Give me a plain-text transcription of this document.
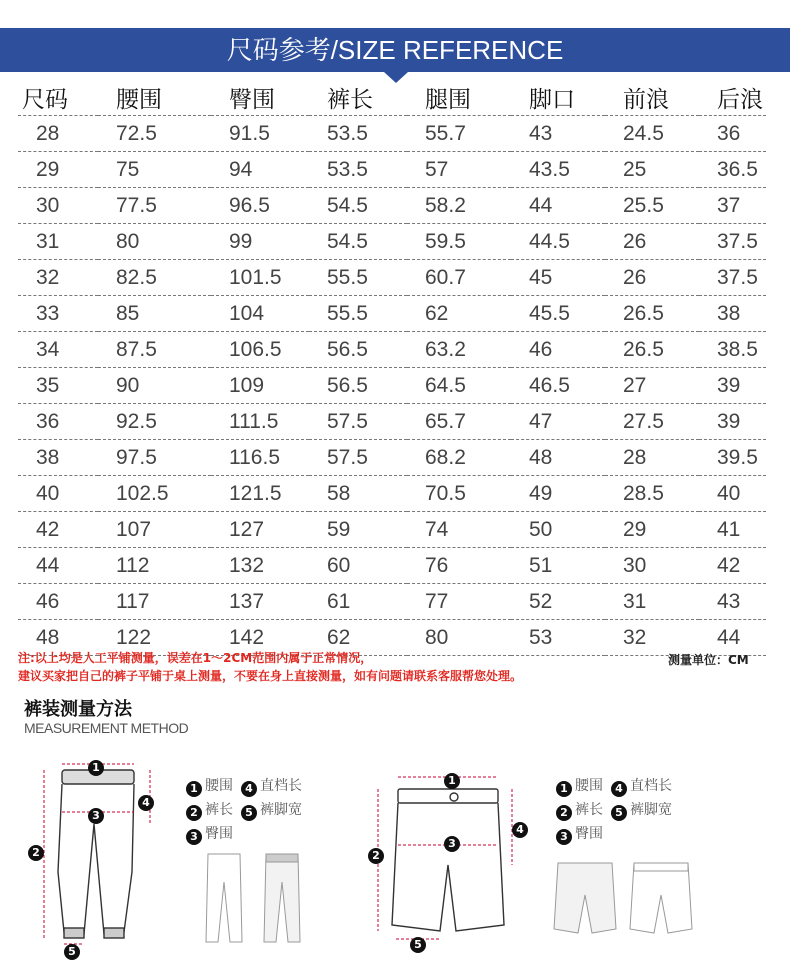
尺码参考/SIZE REFERENCE
尺码	腰围	臀围	裤长	腿围	脚口	前浪	后浪
28	72.5	91.5	53.5	55.7	43	24.5	36
29	75	94	53.5	57	43.5	25	36.5
30	77.5	96.5	54.5	58.2	44	25.5	37
31	80	99	54.5	59.5	44.5	26	37.5
32	82.5	101.5	55.5	60.7	45	26	37.5
33	85	104	55.5	62	45.5	26.5	38
34	87.5	106.5	56.5	63.2	46	26.5	38.5
35	90	109	56.5	64.5	46.5	27	39
36	92.5	111.5	57.5	65.7	47	27.5	39
38	97.5	116.5	57.5	68.2	48	28	39.5
40	102.5	121.5	58	70.5	49	28.5	40
42	107	127	59	74	50	29	41
44	112	132	60	76	51	30	42
46	117	137	61	77	52	31	43
48	122	142	62	80	53	32	44
注:以上均是人工平铺测量，误差在1～2CM范围内属于正常情况，
建议买家把自己的裤子平铺于桌上测量，不要在身上直接测量，如有问题请联系客服帮您处理。
测量单位：CM
裤装测量方法
MEASUREMENT METHOD
1
4
3
2
5
1 腰围 4 直档长
2 裤长 5 裤脚宽
3 臀围
1
3
4
2
5
1 腰围 4 直档长
2 裤长 5 裤脚宽
3 臀围
